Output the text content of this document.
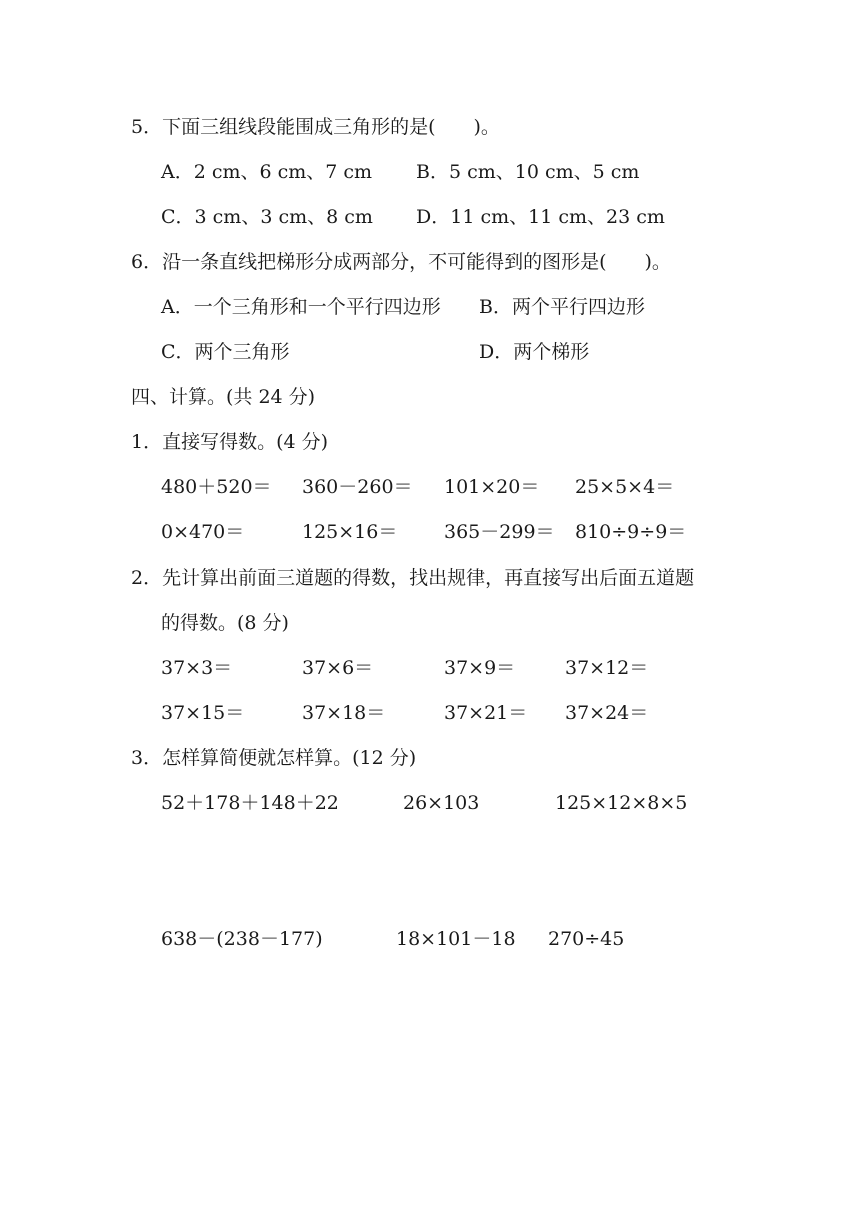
5．下面三组线段能围成三角形的是(　　)。
A．2 cm、6 cm、7 cm B．5 cm、10 cm、5 cm
C．3 cm、3 cm、8 cm D．11 cm、11 cm、23 cm
6．沿一条直线把梯形分成两部分，不可能得到的图形是(　　)。
A．一个三角形和一个平行四边形 B．两个平行四边形
C．两个三角形	D．两个梯形
四、计算。(共 24 分)
1．直接写得数。(4 分)
480＋520＝ 360－260＝ 101×20＝ 25×5×4＝
0×470＝	125×16＝ 365－299＝ 810÷9÷9＝
2．先计算出前面三道题的得数，找出规律，再直接写出后面五道题
的得数。(8 分)
37×3＝	37×6＝	37×9＝	37×12＝
37×15＝	37×18＝	37×21＝ 37×24＝
3．怎样算简便就怎样算。(12 分)
52＋178＋148＋22	26×103	125×12×8×5
638－(238－177)	18×101－18 270÷45
